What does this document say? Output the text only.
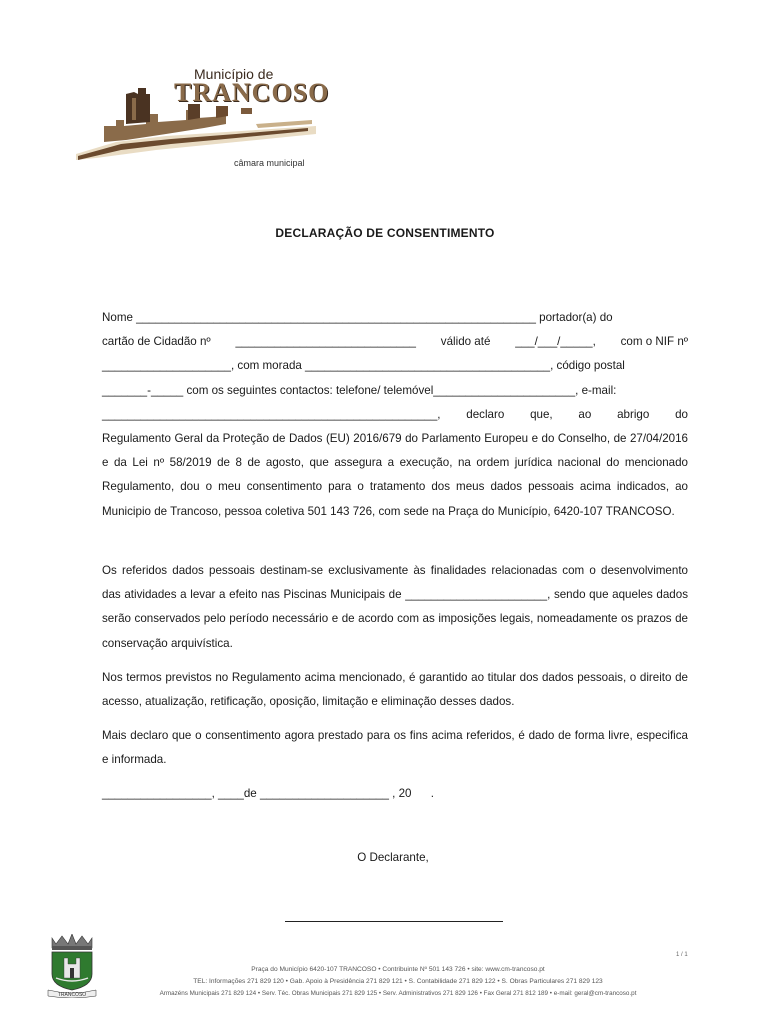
Município de
TRANCOSO
câmara municipal
DECLARAÇÃO DE CONSENTIMENTO
Nome ______________________________________________________________ portador(a) do
cartão de Cidadão nº ____________________________ válido até ___/___/_____, com o NIF nº
____________________, com morada ______________________________________, código postal
_______-_____ com os seguintes contactos: telefone/ telemóvel______________________, e-mail:
____________________________________________________, declaro que, ao abrigo do

Regulamento Geral da Proteção de Dados (EU) 2016/679 do Parlamento Europeu e do Conselho, de 27/04/2016 e da Lei nº 58/2019 de 8 de agosto, que assegura a execução, na ordem jurídica nacional do mencionado Regulamento, dou o meu consentimento para o tratamento dos meus dados pessoais acima indicados, ao Municipio de Trancoso, pessoa coletiva 501 143 726, com sede na Praça do Município, 6420-107 TRANCOSO.

Os referidos dados pessoais destinam-se exclusivamente às finalidades relacionadas com o desenvolvimento das atividades a levar a efeito nas Piscinas Municipais de ______________________, sendo que aqueles dados serão conservados pelo período necessário e de acordo com as imposições legais, nomeadamente os prazos de conservação arquivística.

Nos termos previstos no Regulamento acima mencionado, é garantido ao titular dos dados pessoais, o direito de acesso, atualização, retificação, oposição, limitação e eliminação desses dados.

Mais declaro que o consentimento agora prestado para os fins acima referidos, é dado de forma livre, especifica e informada.

_________________, ____de ____________________ , 20      .
O Declarante,
TRANCOSO
1 / 1
Praça do Município 6420-107 TRANCOSO • Contribuinte Nº 501 143 726 • site: www.cm-trancoso.pt
TEL: Informações 271 829 120 • Gab. Apoio à Presidência 271 829 121 • S. Contabilidade 271 829 122 • S. Obras Particulares 271 829 123
Armazéns Municipais 271 829 124 • Serv. Téc. Obras Municipais 271 829 125 • Serv. Administrativos 271 829 126 • Fax Geral 271 812 189 • e-mail: geral@cm-trancoso.pt
